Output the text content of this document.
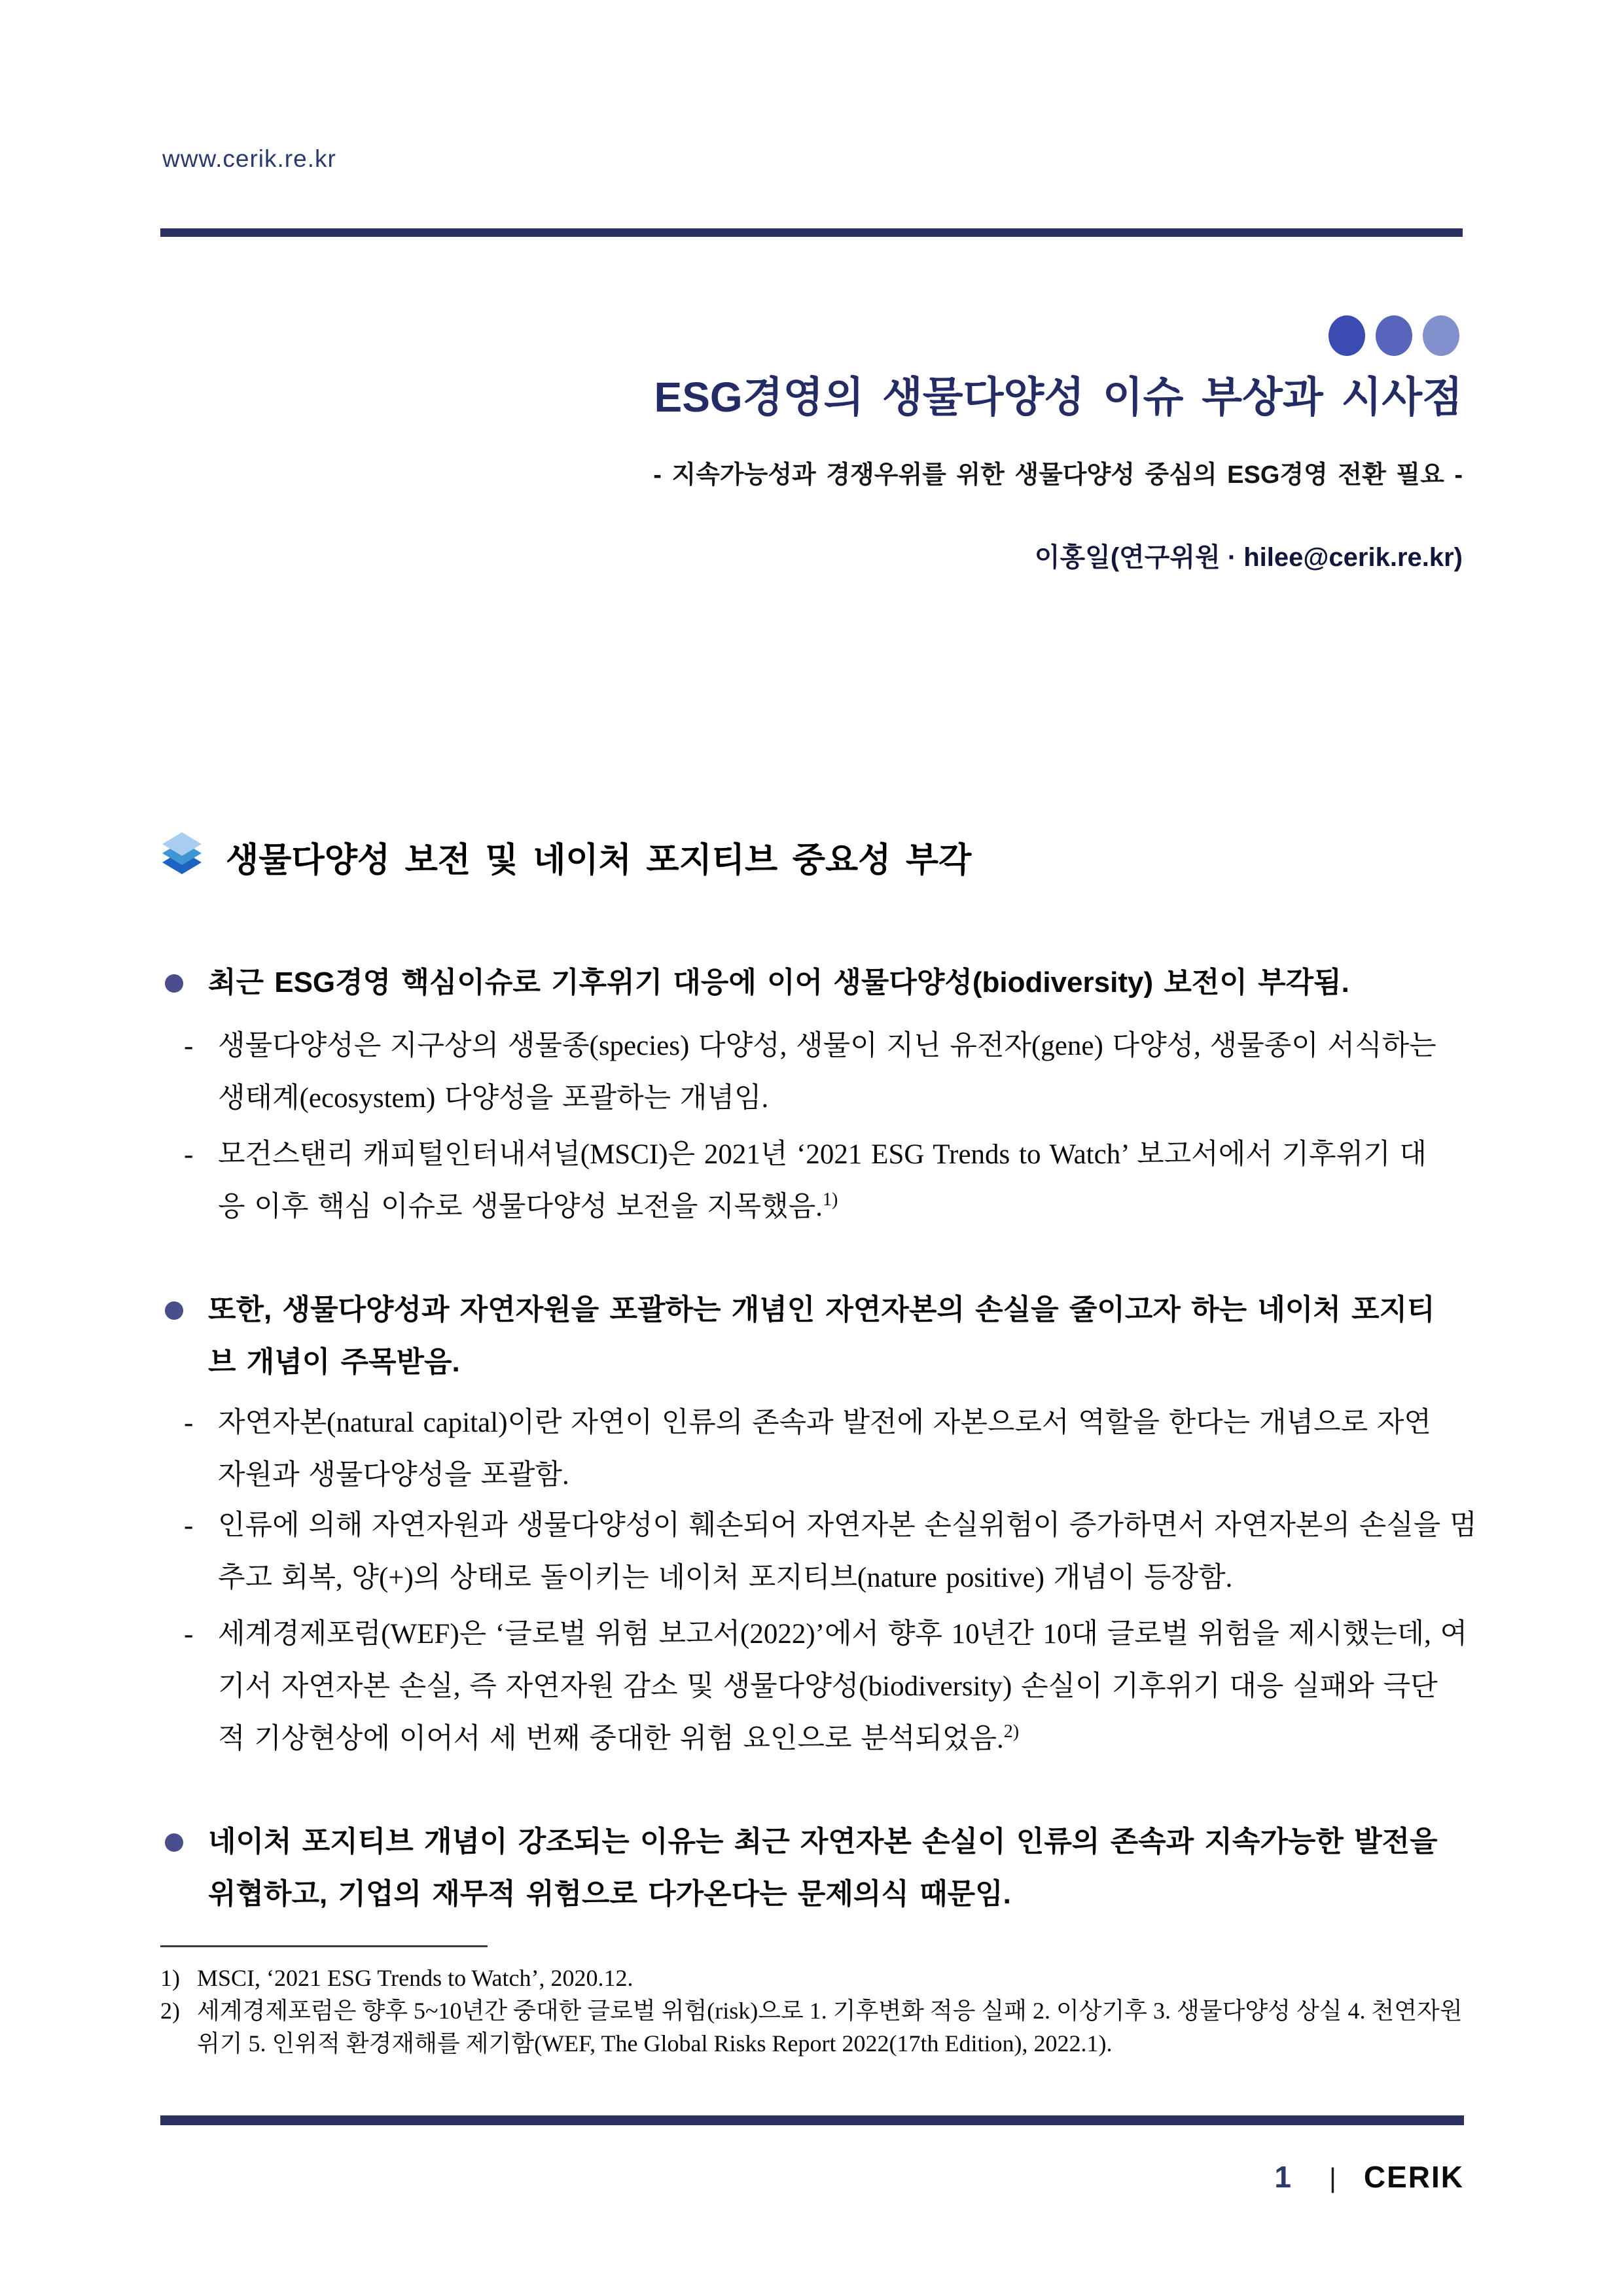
www.cerik.re.kr
ESG경영의 생물다양성 이슈 부상과 시사점
- 지속가능성과 경쟁우위를 위한 생물다양성 중심의 ESG경영 전환 필요 -
이홍일(연구위원 · hilee@cerik.re.kr)
생물다양성 보전 및 네이처 포지티브 중요성 부각
최근 ESG경영 핵심이슈로 기후위기 대응에 이어 생물다양성(biodiversity) 보전이 부각됨.
- 생물다양성은 지구상의 생물종(species) 다양성, 생물이 지닌 유전자(gene) 다양성, 생물종이 서식하는
생태계(ecosystem) 다양성을 포괄하는 개념임.
- 모건스탠리 캐피털인터내셔널(MSCI)은 2021년 ‘2021 ESG Trends to Watch’ 보고서에서 기후위기 대
응 이후 핵심 이슈로 생물다양성 보전을 지목했음.$^{1)}$
또한, 생물다양성과 자연자원을 포괄하는 개념인 자연자본의 손실을 줄이고자 하는 네이처 포지티
브 개념이 주목받음.
- 자연자본(natural capital)이란 자연이 인류의 존속과 발전에 자본으로서 역할을 한다는 개념으로 자연
자원과 생물다양성을 포괄함.
- 인류에 의해 자연자원과 생물다양성이 훼손되어 자연자본 손실위험이 증가하면서 자연자본의 손실을 멈
추고 회복, 양(+)의 상태로 돌이키는 네이처 포지티브(nature positive) 개념이 등장함.
- 세계경제포럼(WEF)은 ‘글로벌 위험 보고서(2022)’에서 향후 10년간 10대 글로벌 위험을 제시했는데, 여
기서 자연자본 손실, 즉 자연자원 감소 및 생물다양성(biodiversity) 손실이 기후위기 대응 실패와 극단
적 기상현상에 이어서 세 번째 중대한 위험 요인으로 분석되었음.$^{2)}$
네이처 포지티브 개념이 강조되는 이유는 최근 자연자본 손실이 인류의 존속과 지속가능한 발전을
위협하고, 기업의 재무적 위험으로 다가온다는 문제의식 때문임.
1) MSCI, ‘2021 ESG Trends to Watch’, 2020.12.
2) 세계경제포럼은 향후 5~10년간 중대한 글로벌 위험(risk)으로 1. 기후변화 적응 실패 2. 이상기후 3. 생물다양성 상실 4. 천연자원
위기 5. 인위적 환경재해를 제기함(WEF, The Global Risks Report 2022(17th Edition), 2022.1).
1 | CERIK
